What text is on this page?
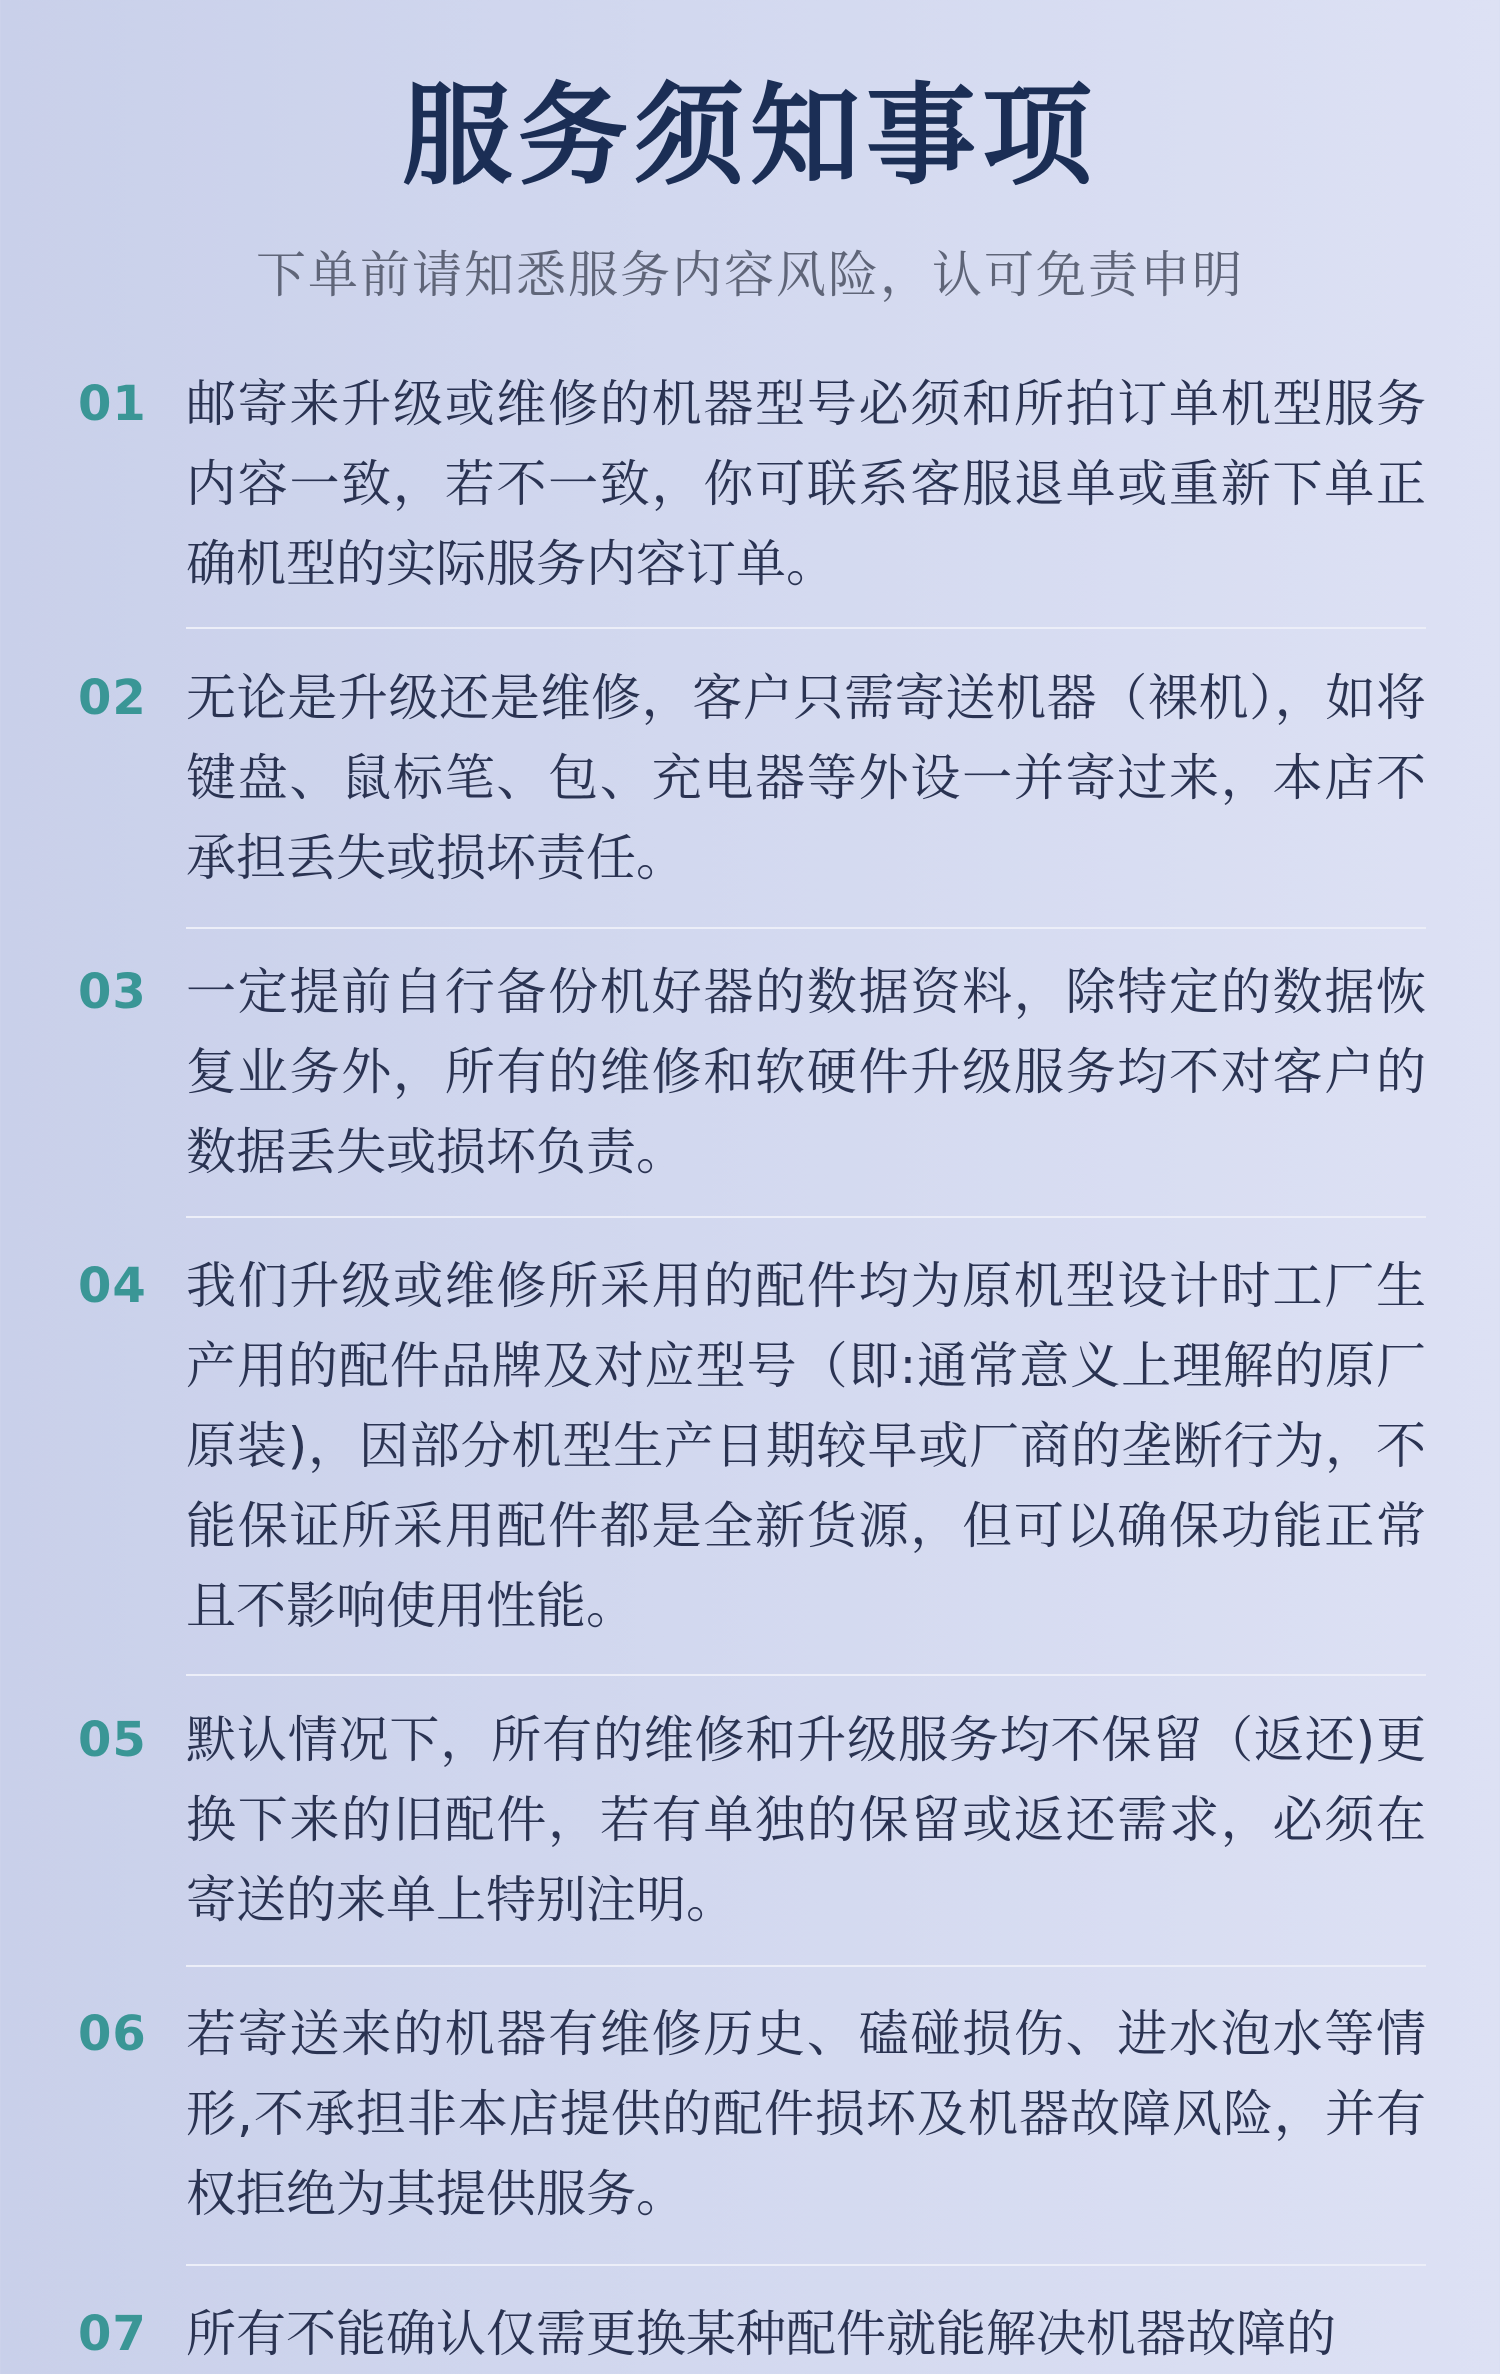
服务须知事项
下单前请知悉服务内容风险，认可免责申明
01 邮寄来升级或维修的机器型号必须和所拍订单机型服务内容一致，若不一致，你可联系客服退单或重新下单正确机型的实际服务内容订单。
02 无论是升级还是维修，客户只需寄送机器（裸机），如将键盘、鼠标笔、包、充电器等外设一并寄过来，本店不承担丢失或损坏责任。
03 一定提前自行备份机好器的数据资料，除特定的数据恢复业务外，所有的维修和软硬件升级服务均不对客户的数据丢失或损坏负责。
04 我们升级或维修所采用的配件均为原机型设计时工厂生产用的配件品牌及对应型号（即:通常意义上理解的原厂原装)，因部分机型生产日期较早或厂商的垄断行为，不能保证所采用配件都是全新货源，但可以确保功能正常且不影响使用性能。
05 默认情况下，所有的维修和升级服务均不保留（返还)更换下来的旧配件，若有单独的保留或返还需求，必须在寄送的来单上特别注明。
06 若寄送来的机器有维修历史、磕碰损伤、进水泡水等情形,不承担非本店提供的配件损坏及机器故障风险，并有权拒绝为其提供服务。
07 所有不能确认仅需更换某种配件就能解决机器故障的
